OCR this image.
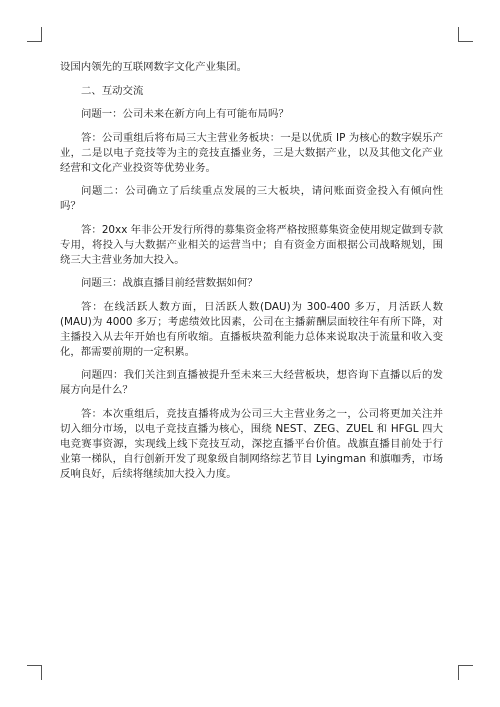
设国内领先的互联网数字文化产业集团。

二、互动交流

问题一：公司未来在新方向上有可能布局吗？

答：公司重组后将布局三大主营业务板块：一是以优质 IP 为核心的数字娱乐产业，二是以电子竞技等为主的竞技直播业务，三是大数据产业，以及其他文化产业经营和文化产业投资等优势业务。

问题二：公司确立了后续重点发展的三大板块，请问账面资金投入有倾向性吗？

答：20xx 年非公开发行所得的募集资金将严格按照募集资金使用规定做到专款专用，将投入与大数据产业相关的运营当中；自有资金方面根据公司战略规划，围绕三大主营业务加大投入。

问题三：战旗直播目前经营数据如何？

答：在线活跃人数方面，日活跃人数(DAU)为 300-400 多万，月活跃人数(MAU)为 4000 多万；考虑绩效比因素，公司在主播薪酬层面较往年有所下降，对主播投入从去年开始也有所收缩。直播板块盈利能力总体来说取决于流量和收入变化，都需要前期的一定积累。

问题四：我们关注到直播被提升至未来三大经营板块，想咨询下直播以后的发展方向是什么？

答：本次重组后，竞技直播将成为公司三大主营业务之一，公司将更加关注并切入细分市场，以电子竞技直播为核心，围绕 NEST、ZEG、ZUEL 和 HFGL 四大电竞赛事资源，实现线上线下竞技互动，深挖直播平台价值。战旗直播目前处于行业第一梯队，自行创新开发了现象级自制网络综艺节目 Lyingman 和旗咖秀，市场反响良好，后续将继续加大投入力度。
